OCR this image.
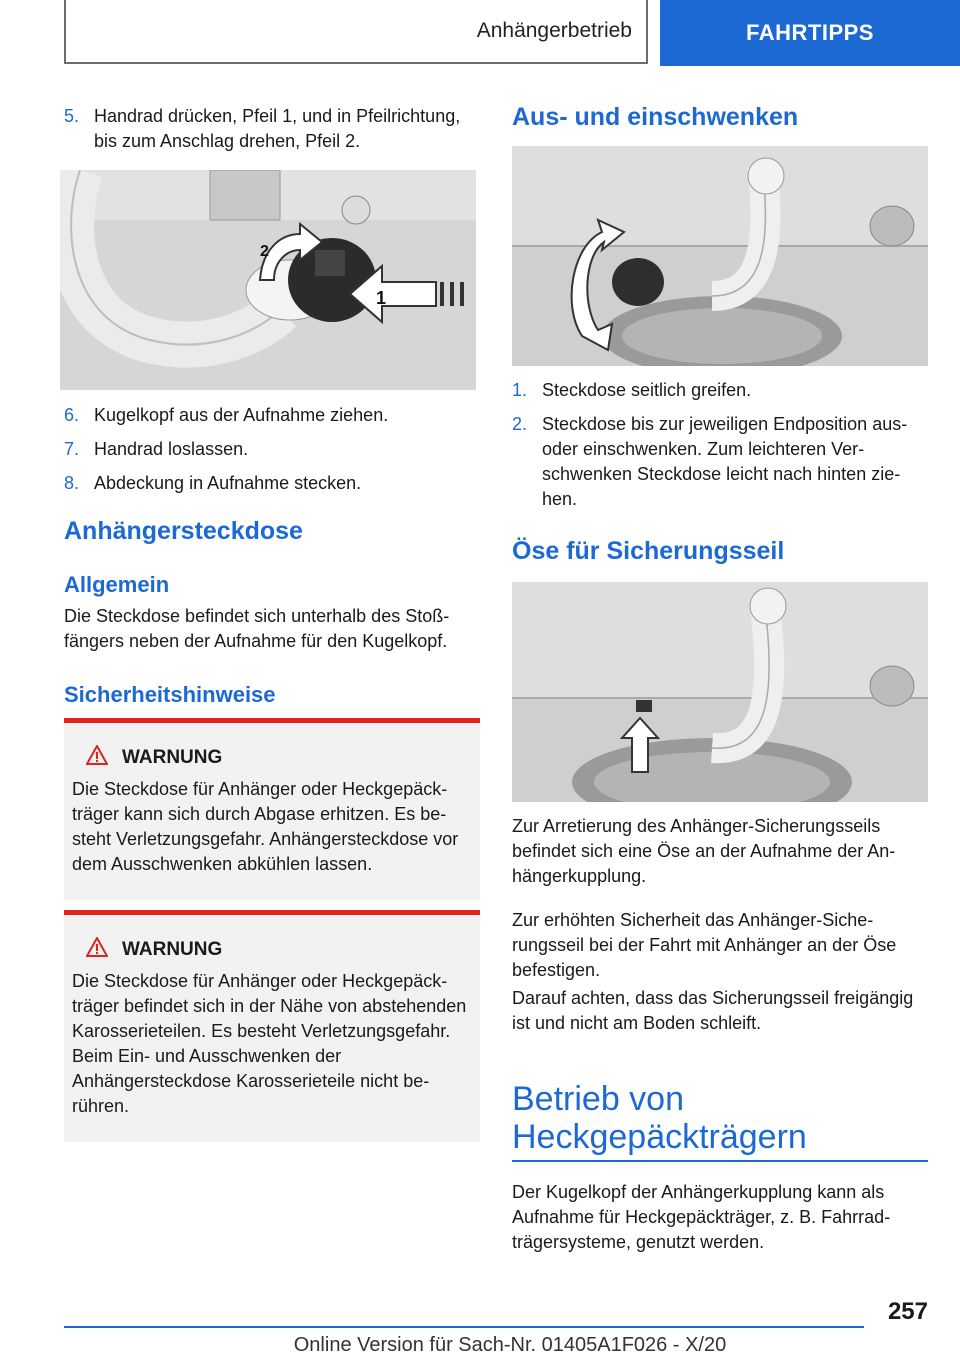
Anhängerbetrieb	FAHRTIPPS
5. Handrad drücken, Pfeil 1, und in Pfeilrichtung, bis zum Anschlag drehen, Pfeil 2.
1
2
6. Kugelkopf aus der Aufnahme ziehen.
7. Handrad loslassen.
8. Abdeckung in Aufnahme stecken.
Anhängersteckdose
Allgemein
Die Steckdose befindet sich unterhalb des Stoßfängers neben der Aufnahme für den Kugelkopf.
Sicherheitshinweise
WARNUNG
Die Steckdose für Anhänger oder Heckgepäckträger kann sich durch Abgase erhitzen. Es besteht Verletzungsgefahr. Anhängersteckdose vor dem Ausschwenken abkühlen lassen.
WARNUNG
Die Steckdose für Anhänger oder Heckgepäckträger befindet sich in der Nähe von abstehenden Karosserieteilen. Es besteht Verletzungsgefahr. Beim Ein- und Ausschwenken der Anhängersteckdose Karosserieteile nicht berühren.
Aus- und einschwenken
1. Steckdose seitlich greifen.
2. Steckdose bis zur jeweiligen Endposition aus- oder einschwenken. Zum leichteren Verschwenken Steckdose leicht nach hinten ziehen.
Öse für Sicherungsseil
Zur Arretierung des Anhänger-Sicherungsseils befindet sich eine Öse an der Aufnahme der Anhängerkupplung.
Zur erhöhten Sicherheit das Anhänger-Sicherungsseil bei der Fahrt mit Anhänger an der Öse befestigen.
Darauf achten, dass das Sicherungsseil freigängig ist und nicht am Boden schleift.
Betrieb von Heckgepäckträgern
Der Kugelkopf der Anhängerkupplung kann als Aufnahme für Heckgepäckträger, z. B. Fahrradträgersysteme, genutzt werden.
257
Online Version für Sach-Nr. 01405A1F026 - X/20
